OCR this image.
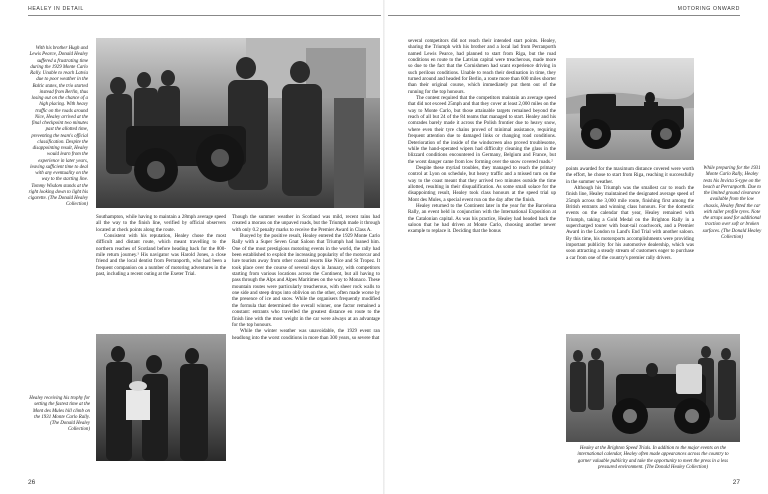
HEALEY IN DETAIL
With his brother Hugh and Lewis Pearce, Donald Healey suffered a frustrating time during the 1929 Monte Carlo Rally. Unable to reach Latvia due to poor weather in the Baltic states, the trio started instead from Berlin, thus losing out on the chance of a high placing. With heavy traffic on the roads around Nice, Healey arrived at the final checkpoint two minutes past the allotted time, preventing the team's official classification. Despite the disappointing result, Healey would learn from the experience in later years, leaving sufficient time to deal with any eventuality on the way to the starting line. Tommy Wisdom stands at the right looking down to light his cigarette. (The Donald Healey Collection)

Southampton, while having to maintain a 28mph average speed all the way to the finish line, verified by official observers located at check points along the route.

Consistent with his reputation, Healey chose the most difficult and distant route, which meant travelling to the northern reaches of Scotland before heading back for the 800-mile return journey.¹ His navigator was Harold Jones, a close friend and the local dentist from Perranporth, who had been a frequent companion on a number of motoring adventures in the past, including a recent outing at the Exeter Trial.

Healey receiving his trophy for setting the fastest time at the Mont des Mules hill climb on the 1931 Monte Carlo Rally. (The Donald Healey Collection)

Though the summer weather in Scotland was mild, recent rains had created a morass on the unpaved roads, but the Triumph made it through with only 0.2 penalty marks to receive the Premier Award in Class A.

Buoyed by the positive result, Healey entered the 1929 Monte Carlo Rally with a Super Seven Gnat Saloon that Triumph had loaned him. One of the most prestigious motoring events in the world, the rally had been established to exploit the increasing popularity of the motorcar and lure tourists away from other coastal resorts like Nice and St Tropez. It took place over the course of several days in January, with competitors starting from various locations across the Continent, but all having to pass through the Alps and Alpes Maritimes on the way to Monaco. These mountain routes were particularly treacherous, with sheer rock walls to one side and steep drops into oblivion on the other, often made worse by the presence of ice and snow. While the organisers frequently modified the formula that determined the overall winner, one factor remained a constant: entrants who travelled the greatest distance en route to the finish line with the most weight in the car were always at an advantage for the top honours.

While the winter weather was unavoidable, the 1929 event ran headlong into the worst conditions in more than 300 years, so severe that

26
MOTORING ONWARD

several competitors did not reach their intended start points. Healey, sharing the Triumph with his brother and a local lad from Perranporth named Lewis Pearce, had planned to start from Riga, but the road conditions en route to the Latvian capital were treacherous, made more so due to the fact that the Cornishmen had scant experience driving in such perilous conditions. Unable to reach their destination in time, they turned around and headed for Berlin, a route more than 600 miles shorter than their original course, which immediately put them out of the running for the top honours.

The contest required that the competitors maintain an average speed that did not exceed 25mph and that they cover at least 2,000 miles on the way to Monte Carlo, but those attainable targets remained beyond the reach of all but 24 of the 84 teams that managed to start. Healey and his comrades barely made it across the Polish frontier due to heavy snow, where even their tyre chains proved of minimal assistance, requiring frequent attention due to damaged links or changing road conditions. Deterioration of the inside of the windscreen also proved troublesome, while the hand-operated wipers had difficulty cleaning the glass in the blizzard conditions encountered in Germany, Belgium and France, but the worst danger came from low forming over the snow covered roads.²

Despite these myriad troubles, they managed to reach the primary control at Lyon on schedule, but heavy traffic and a missed turn on the way to the coast meant that they arrived two minutes outside the time allotted, resulting in their disqualification. As some small solace for the disappointing result, Healey took class honours at the speed trial up Mont des Mules, a special event run on the day after the finish.

Healey returned to the Continent later in the year for the Barcelona Rally, an event held in conjunction with the International Exposition at the Catalonian capital. As was his practice, Healey had headed back the saloon that he had driven at Monte Carlo, choosing another newer example to replace it. Deciding that the bonus

points awarded for the maximum distance covered were worth the effort, he chose to start from Riga, reaching it successfully in the summer weather.

Although his Triumph was the smallest car to reach the finish line, Healey maintained the designated average speed of 25mph across the 3,000 mile route, finishing first among the British entrants and winning class honours. For the domestic events on the calendar that year, Healey remained with Triumph, taking a Gold Medal on the Brighton Rally in a supercharged tourer with boat-tail coachwork, and a Premier Award in the London to Land's End Trial with another saloon. By this time, his motorsports accomplishments were providing important publicity for his automotive dealership, which was soon attracting a steady stream of customers eager to purchase a car from one of the country's premier rally drivers.

While preparing for the 1931 Monte Carlo Rally, Healey tests his Invicta S-type on the beach at Perranporth. Due to the limited ground clearance available from the low chassis, Healey fitted the car with taller profile tyres. Note the straps used for additional traction over soft or broken surfaces. (The Donald Healey Collection)
Healey at the Brighton Speed Trials. In addition to the major events on the international calendar, Healey often made appearances across the country to garner valuable publicity and take the opportunity to meet the press in a less pressured environment. (The Donald Healey Collection)
27
